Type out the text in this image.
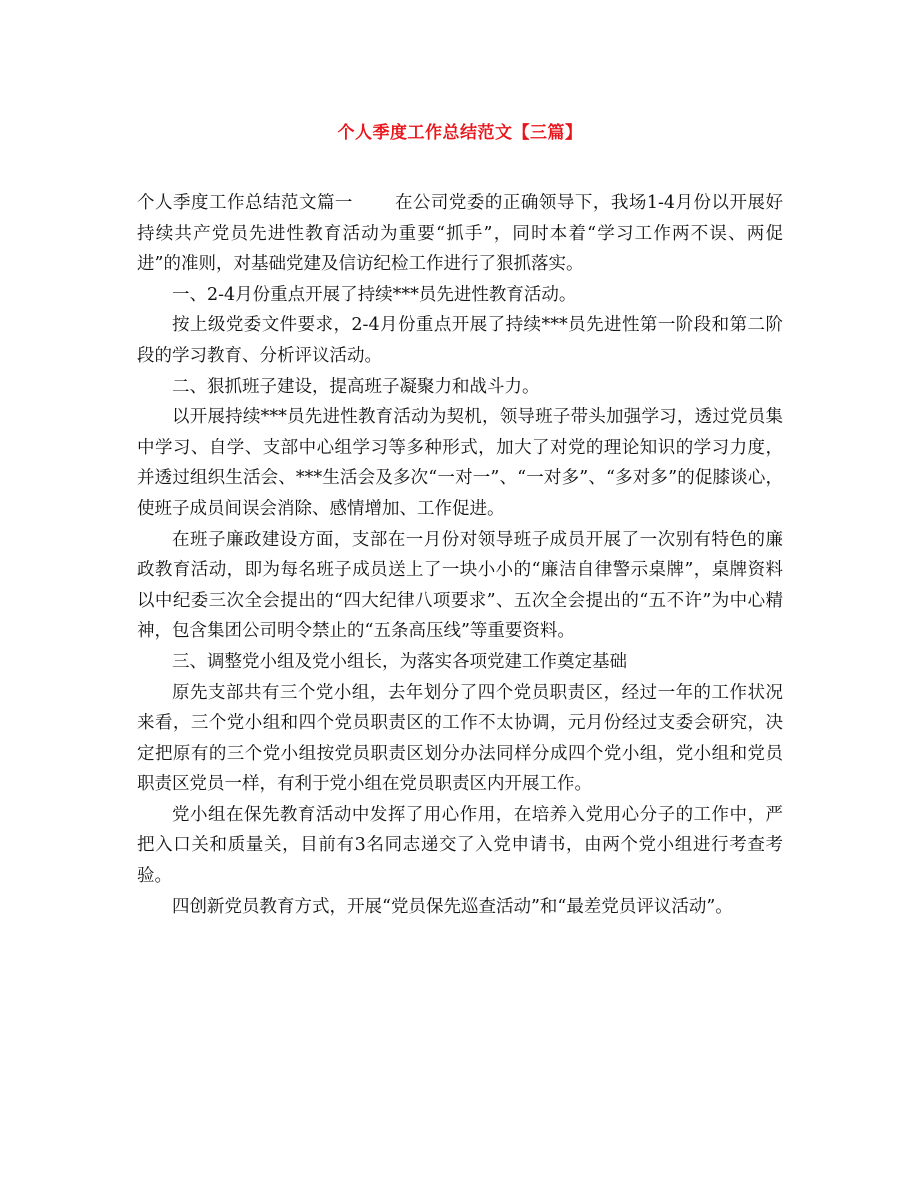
个人季度工作总结范文【三篇】

个人季度工作总结范文篇一 在公司党委的正确领导下，我场1-4月份以开展好持续共产党员先进性教育活动为重要“抓手”，同时本着“学习工作两不误、两促进”的准则，对基础党建及信访纪检工作进行了狠抓落实。

一、2-4月份重点开展了持续***员先进性教育活动。

按上级党委文件要求，2-4月份重点开展了持续***员先进性第一阶段和第二阶段的学习教育、分析评议活动。

二、狠抓班子建设，提高班子凝聚力和战斗力。

以开展持续***员先进性教育活动为契机，领导班子带头加强学习，透过党员集中学习、自学、支部中心组学习等多种形式，加大了对党的理论知识的学习力度，并透过组织生活会、***生活会及多次“一对一”、“一对多”、“多对多”的促膝谈心，使班子成员间误会消除、感情增加、工作促进。

在班子廉政建设方面，支部在一月份对领导班子成员开展了一次别有特色的廉政教育活动，即为每名班子成员送上了一块小小的“廉洁自律警示桌牌”，桌牌资料以中纪委三次全会提出的“四大纪律八项要求”、五次全会提出的“五不许”为中心精神，包含集团公司明令禁止的“五条高压线”等重要资料。

三、调整党小组及党小组长，为落实各项党建工作奠定基础

原先支部共有三个党小组，去年划分了四个党员职责区，经过一年的工作状况来看，三个党小组和四个党员职责区的工作不太协调，元月份经过支委会研究，决定把原有的三个党小组按党员职责区划分办法同样分成四个党小组，党小组和党员职责区党员一样，有利于党小组在党员职责区内开展工作。

党小组在保先教育活动中发挥了用心作用，在培养入党用心分子的工作中，严把入口关和质量关，目前有3名同志递交了入党申请书，由两个党小组进行考查考验。

四创新党员教育方式，开展“党员保先巡查活动”和“最差党员评议活动”。
